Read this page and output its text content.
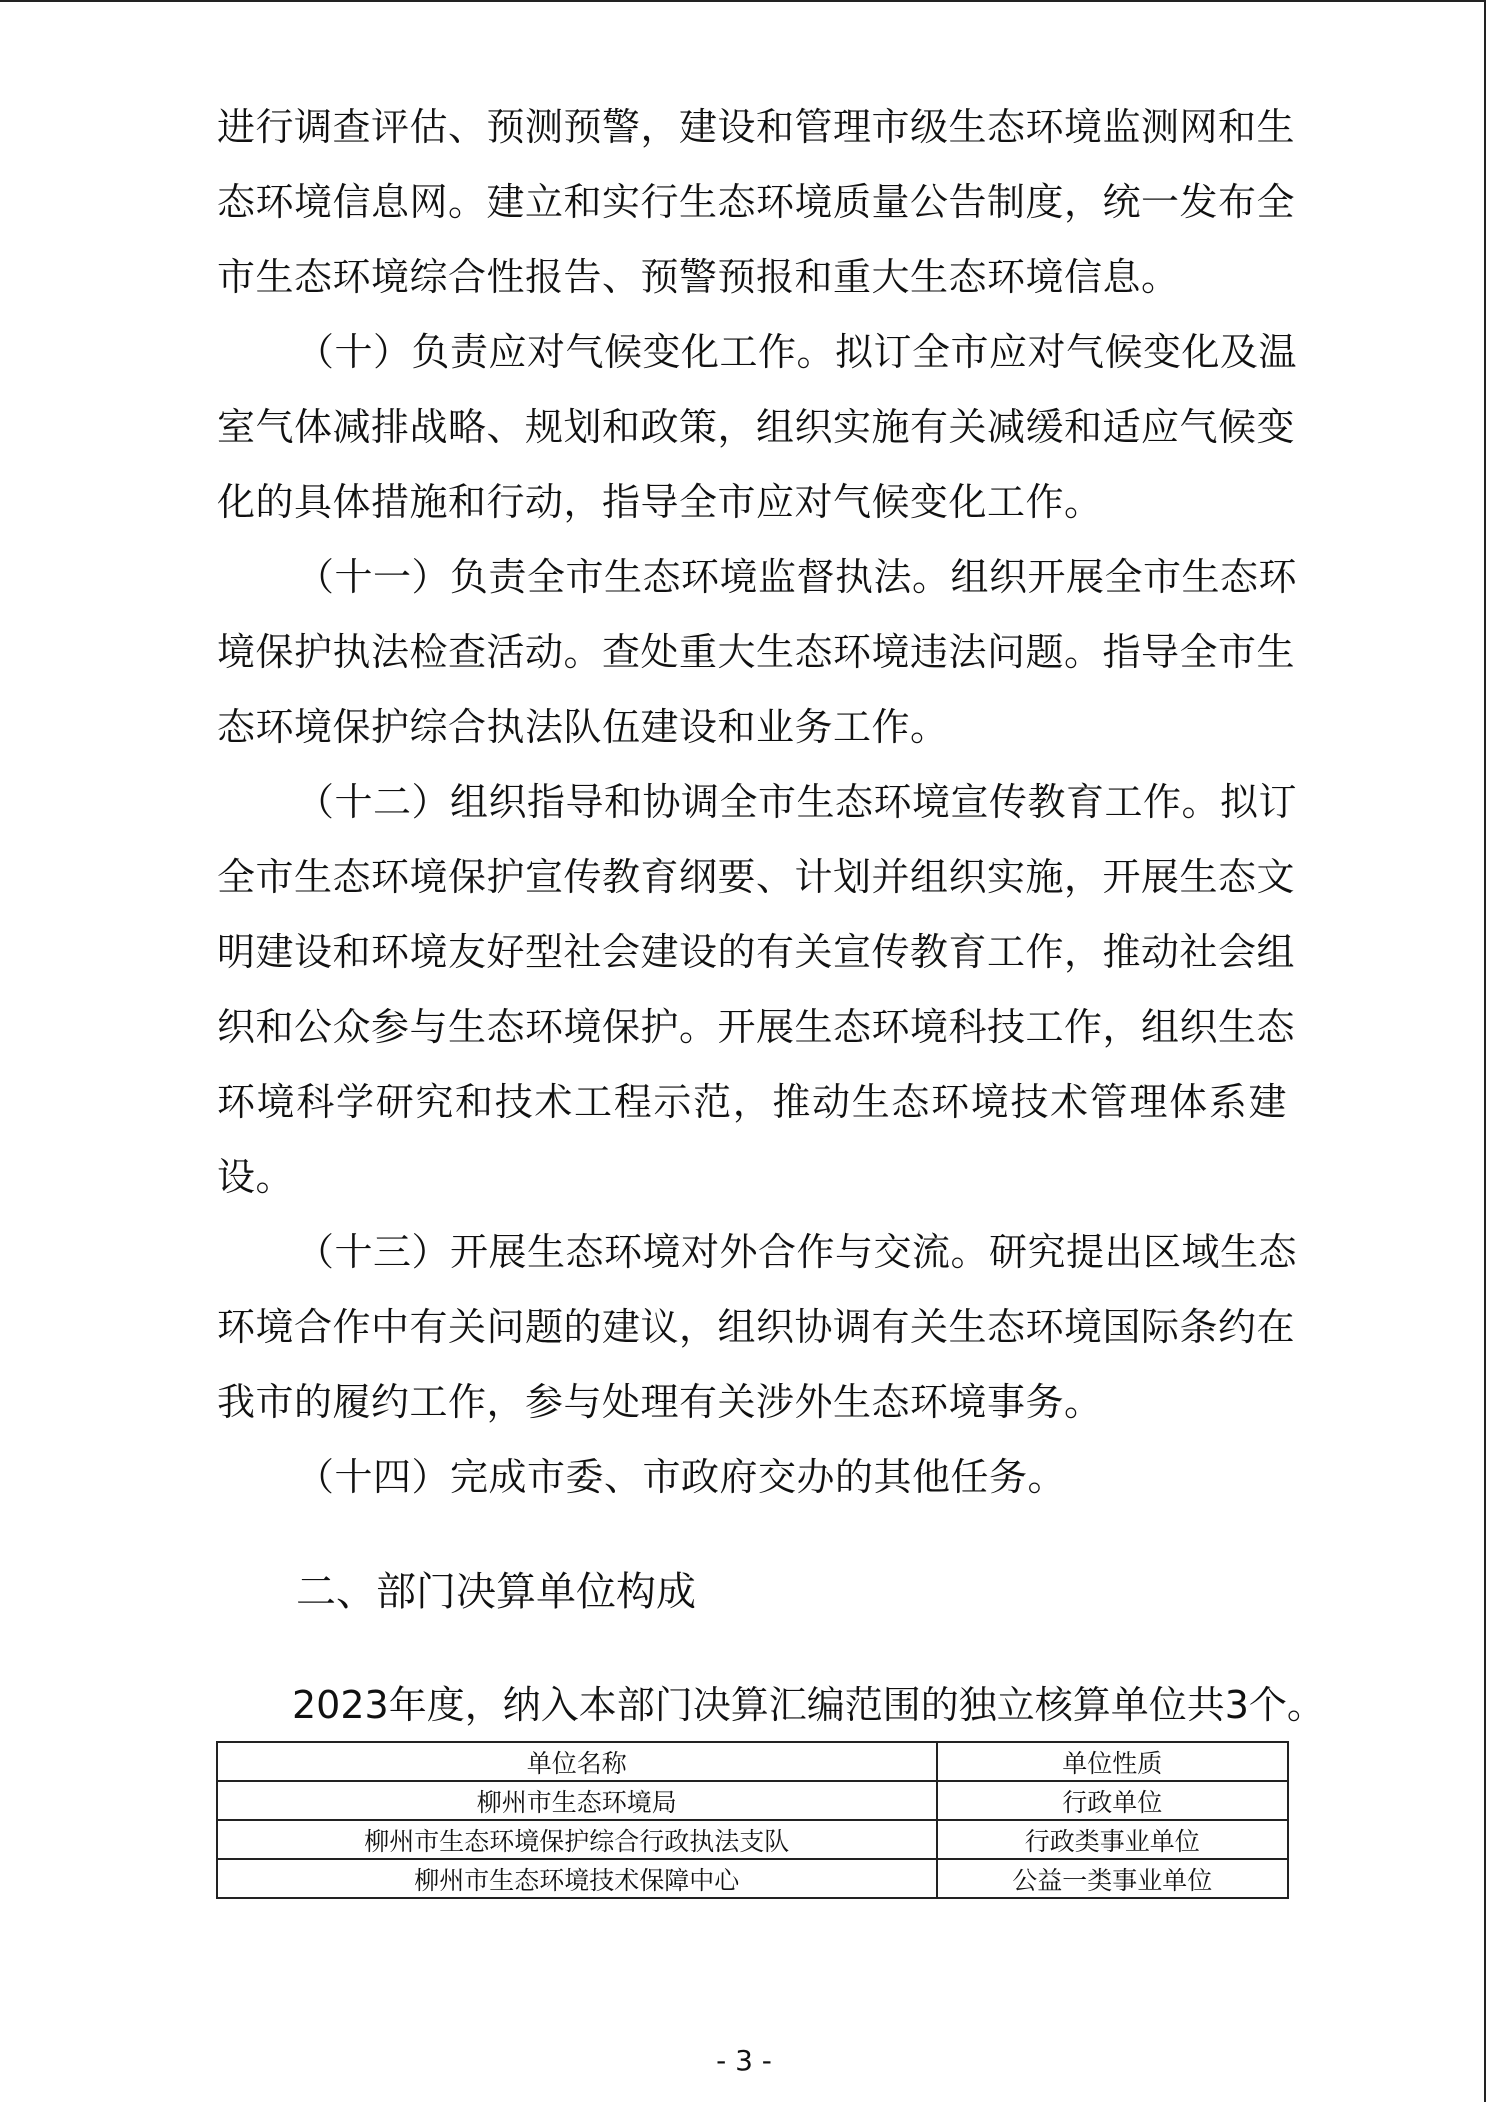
进行调查评估、预测预警，建设和管理市级生态环境监测网和生
态环境信息网。建立和实行生态环境质量公告制度，统一发布全
市生态环境综合性报告、预警预报和重大生态环境信息。
（十）负责应对气候变化工作。拟订全市应对气候变化及温
室气体减排战略、规划和政策，组织实施有关减缓和适应气候变
化的具体措施和行动，指导全市应对气候变化工作。
（十一）负责全市生态环境监督执法。组织开展全市生态环
境保护执法检查活动。查处重大生态环境违法问题。指导全市生
态环境保护综合执法队伍建设和业务工作。
（十二）组织指导和协调全市生态环境宣传教育工作。拟订
全市生态环境保护宣传教育纲要、计划并组织实施，开展生态文
明建设和环境友好型社会建设的有关宣传教育工作，推动社会组
织和公众参与生态环境保护。开展生态环境科技工作，组织生态
环境科学研究和技术工程示范，推动生态环境技术管理体系建
设。
（十三）开展生态环境对外合作与交流。研究提出区域生态
环境合作中有关问题的建议，组织协调有关生态环境国际条约在
我市的履约工作，参与处理有关涉外生态环境事务。
（十四）完成市委、市政府交办的其他任务。
二、部门决算单位构成
2023年度，纳入本部门决算汇编范围的独立核算单位共3个。
单位名称	单位性质
柳州市生态环境局	行政单位
柳州市生态环境保护综合行政执法支队	行政类事业单位
柳州市生态环境技术保障中心	公益一类事业单位
- 3 -
